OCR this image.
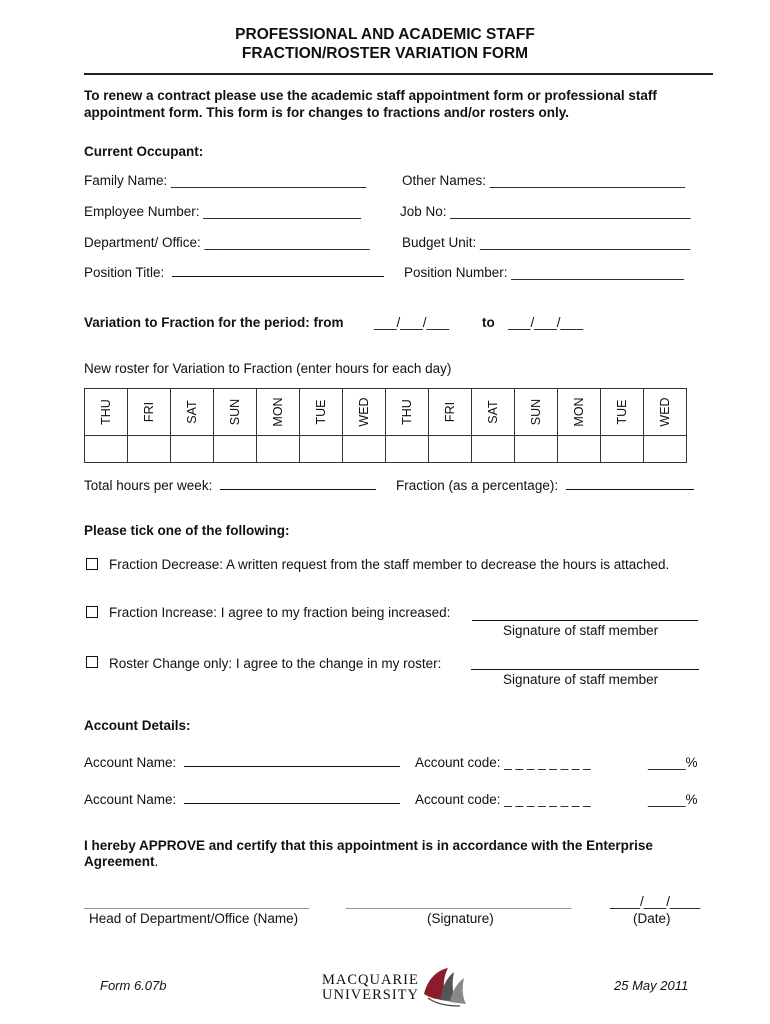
PROFESSIONAL AND ACADEMIC STAFF
FRACTION/ROSTER VARIATION FORM
To renew a contract please use the academic staff appointment form or professional staff
appointment form. This form is for changes to fractions and/or rosters only.
Current Occupant:
Family Name: __________________________	Other Names: __________________________
Employee Number: _____________________	Job No: ________________________________
Department/ Office: ______________________ Budget Unit: ____________________________
Position Title:	Position Number: _______________________
Variation to Fraction for the period: from ___/___/___ to ___/___/___
New roster for Variation to Fraction (enter hours for each day)
THU	FRI	SAT	SUN	MON	TUE	WED	THU	FRI	SAT	SUN	MON	TUE	WED

Total hours per week:	Fraction (as a percentage):
Please tick one of the following:
Fraction Decrease: A written request from the staff member to decrease the hours is attached.
Fraction Increase: I agree to my fraction being increased:
Signature of staff member
Roster Change only: I agree to the change in my roster:
Signature of staff member
Account Details:
Account Name:	Account code: _ _ _ _ _ _ _ _	_____%
Account Name:	Account code: _ _ _ _ _ _ _ _	_____%
I hereby APPROVE and certify that this appointment is in accordance with the Enterprise
Agreement.
______________________________
Head of Department/Office (Name)
______________________________
(Signature)
____/___/____
(Date)
Form 6.07b	MACQUARIE
UNIVERSITY
25 May 2011
